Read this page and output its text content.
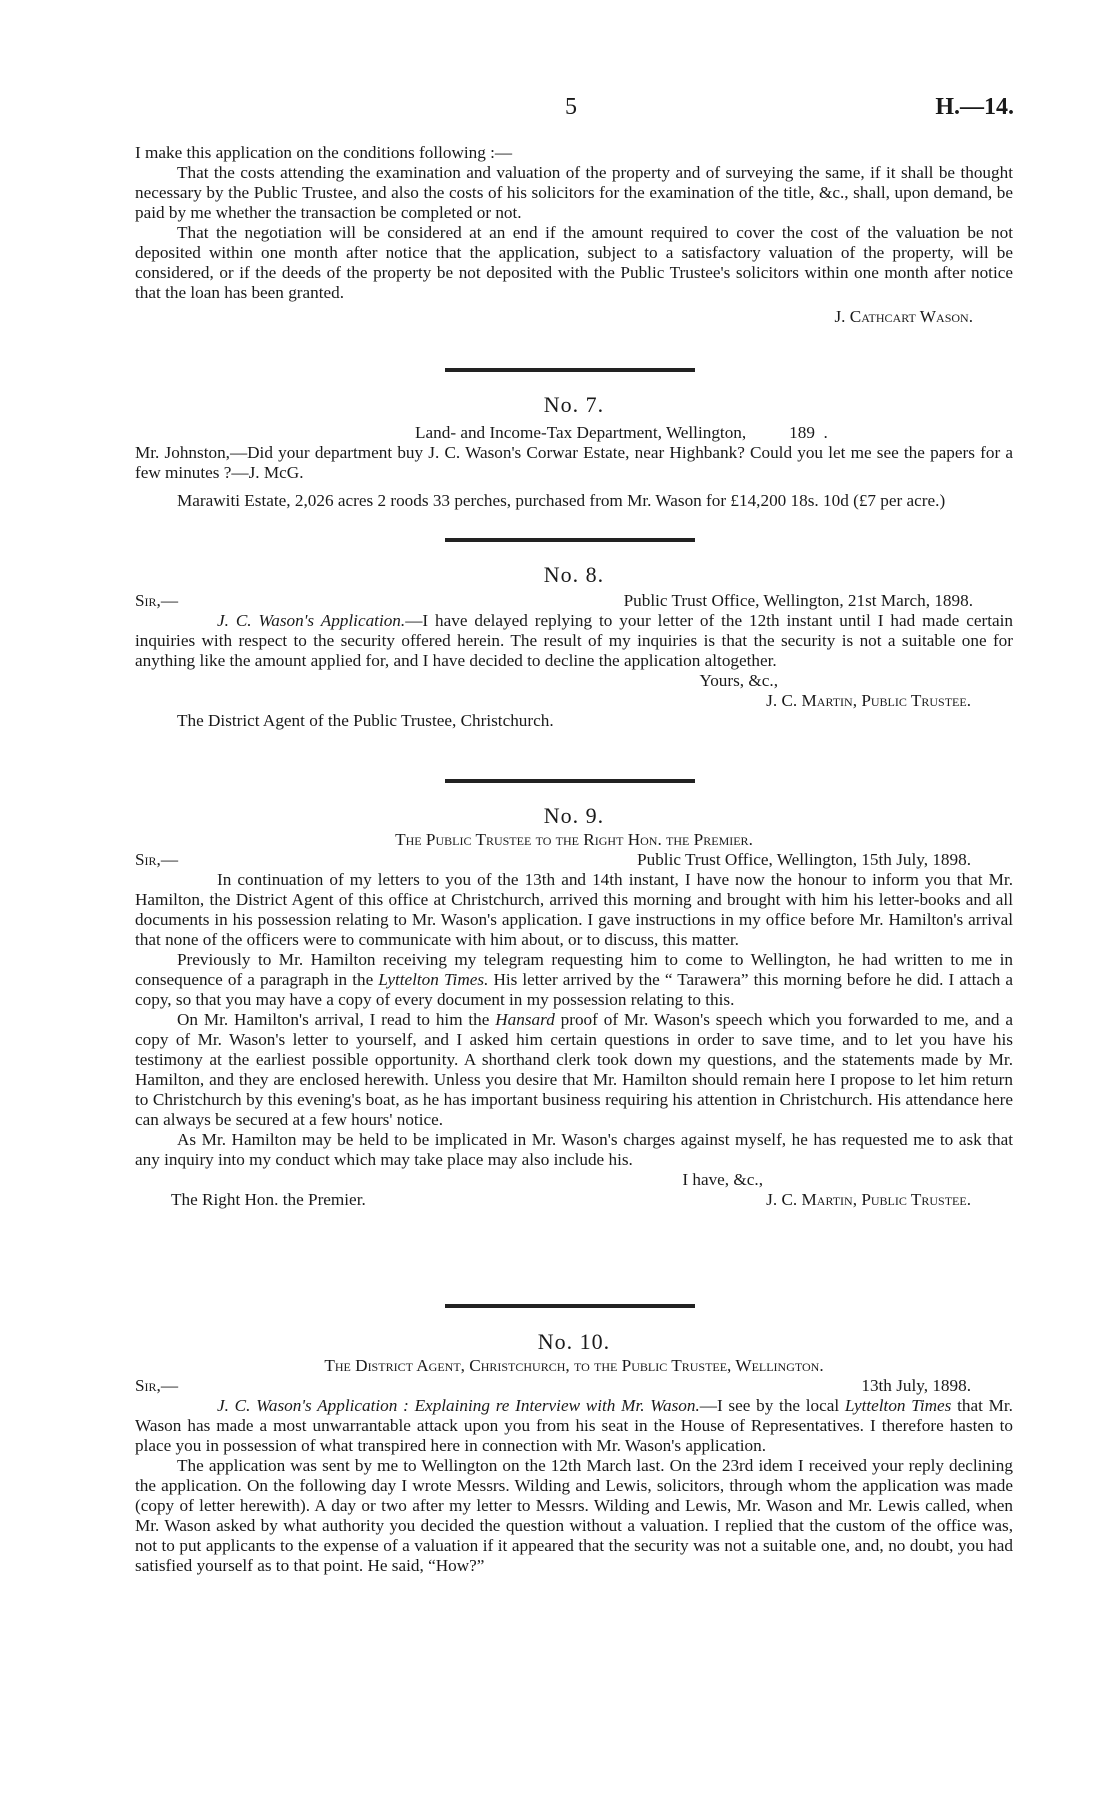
5	H.—14.

I make this application on the conditions following :—

That the costs attending the examination and valuation of the property and of surveying the same, if it shall be thought necessary by the Public Trustee, and also the costs of his solicitors for the examination of the title, &c., shall, upon demand, be paid by me whether the transaction be completed or not.

That the negotiation will be considered at an end if the amount required to cover the cost of the valuation be not deposited within one month after notice that the application, subject to a satisfactory valuation of the property, will be considered, or if the deeds of the property be not deposited with the Public Trustee's solicitors within one month after notice that the loan has been granted.

J. Cathcart Wason.

No. 7.

Land- and Income-Tax Department, Wellington,          189  .

Mr. Johnston,—Did your department buy J. C. Wason's Corwar Estate, near Highbank? Could you let me see the papers for a few minutes ?—J. McG.

Marawiti Estate, 2,026 acres 2 roods 33 perches, purchased from Mr. Wason for £14,200 18s. 10d (£7 per acre.)

No. 8.
Sir,—	Public Trust Office, Wellington, 21st March, 1898.

J. C. Wason's Application.—I have delayed replying to your letter of the 12th instant until I had made certain inquiries with respect to the security offered herein. The result of my inquiries is that the security is not a suitable one for anything like the amount applied for, and I have decided to decline the application altogether.

Yours, &c.,

J. C. Martin, Public Trustee.

The District Agent of the Public Trustee, Christchurch.

No. 9.

The Public Trustee to the Right Hon. the Premier.

Sir,—	Public Trust Office, Wellington, 15th July, 1898.

In continuation of my letters to you of the 13th and 14th instant, I have now the honour to inform you that Mr. Hamilton, the District Agent of this office at Christchurch, arrived this morning and brought with him his letter-books and all documents in his possession relating to Mr. Wason's application. I gave instructions in my office before Mr. Hamilton's arrival that none of the officers were to communicate with him about, or to discuss, this matter.

Previously to Mr. Hamilton receiving my telegram requesting him to come to Wellington, he had written to me in consequence of a paragraph in the Lyttelton Times. His letter arrived by the “ Tarawera” this morning before he did. I attach a copy, so that you may have a copy of every document in my possession relating to this.

On Mr. Hamilton's arrival, I read to him the Hansard proof of Mr. Wason's speech which you forwarded to me, and a copy of Mr. Wason's letter to yourself, and I asked him certain questions in order to save time, and to let you have his testimony at the earliest possible opportunity. A shorthand clerk took down my questions, and the statements made by Mr. Hamilton, and they are enclosed herewith. Unless you desire that Mr. Hamilton should remain here I propose to let him return to Christchurch by this evening's boat, as he has important business requiring his attention in Christchurch. His attendance here can always be secured at a few hours' notice.

As Mr. Hamilton may be held to be implicated in Mr. Wason's charges against myself, he has requested me to ask that any inquiry into my conduct which may take place may also include his.

I have, &c.,

The Right Hon. the Premier.	J. C. Martin, Public Trustee.
No. 10.

The District Agent, Christchurch, to the Public Trustee, Wellington.

Sir,—	13th July, 1898.

J. C. Wason's Application : Explaining re Interview with Mr. Wason.—I see by the local Lyttelton Times that Mr. Wason has made a most unwarrantable attack upon you from his seat in the House of Representatives. I therefore hasten to place you in possession of what transpired here in connection with Mr. Wason's application.

The application was sent by me to Wellington on the 12th March last. On the 23rd idem I received your reply declining the application. On the following day I wrote Messrs. Wilding and Lewis, solicitors, through whom the application was made (copy of letter herewith). A day or two after my letter to Messrs. Wilding and Lewis, Mr. Wason and Mr. Lewis called, when Mr. Wason asked by what authority you decided the question without a valuation. I replied that the custom of the office was, not to put applicants to the expense of a valuation if it appeared that the security was not a suitable one, and, no doubt, you had satisfied yourself as to that point. He said, “How?”
